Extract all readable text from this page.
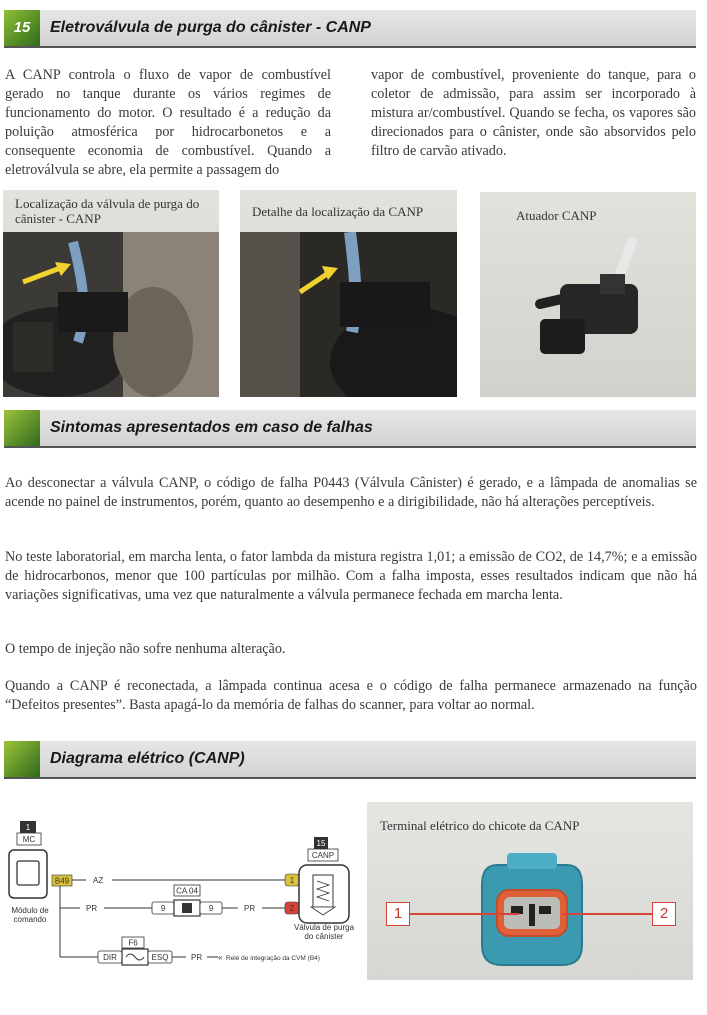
15	Eletroválvula de purga do cânister - CANP
A CANP controla o fluxo de vapor de combustível gerado no tanque durante os vários regimes de funcionamento do motor. O resultado é a redução da poluição atmosférica por hidrocarbonetos e a consequente economia de combustível. Quando a eletroválvula se abre, ela permite a passagem do
vapor de combustível, proveniente do tanque, para o coletor de admissão, para assim ser incorporado à mistura ar/combustível. Quando se fecha, os vapores são direcionados para o cânister, onde são absorvidos pelo filtro de carvão ativado.
Localização da válvula de purga do cânister - CANP	Detalhe da localização da CANP	Atuador CANP
Sintomas apresentados em caso de falhas
Ao desconectar a válvula CANP, o código de falha P0443 (Válvula Cânister) é gerado, e a lâmpada de anomalias se acende no painel de instrumentos, porém, quanto ao desempenho e a dirigibilidade, não há alterações perceptíveis.
No teste laboratorial, em marcha lenta, o fator lambda da mistura registra 1,01; a emissão de CO2, de 14,7%; e a emissão de hidrocarbonos, menor que 100 partículas por milhão. Com a falha imposta, esses resultados indicam que não há variações significativas, uma vez que naturalmente a válvula permanece fechada em marcha lenta.
O tempo de injeção não sofre nenhuma alteração.
Quando a CANP é reconectada, a lâmpada continua acesa e o código de falha permanece armazenado na função “Defeitos presentes”. Basta apagá-lo da memória de falhas do scanner, para voltar ao normal.
Diagrama elétrico (CANP)
1
MC
Módulo de
comando
B49	AZ
PR
CA 04
9	9	PR
F6
DIR	ESQ	PR « Relé de integração da CVM (B4)
15
CANP
1
2
Válvula de purga
do cânister
Terminal elétrico do chicote da CANP
1	2
